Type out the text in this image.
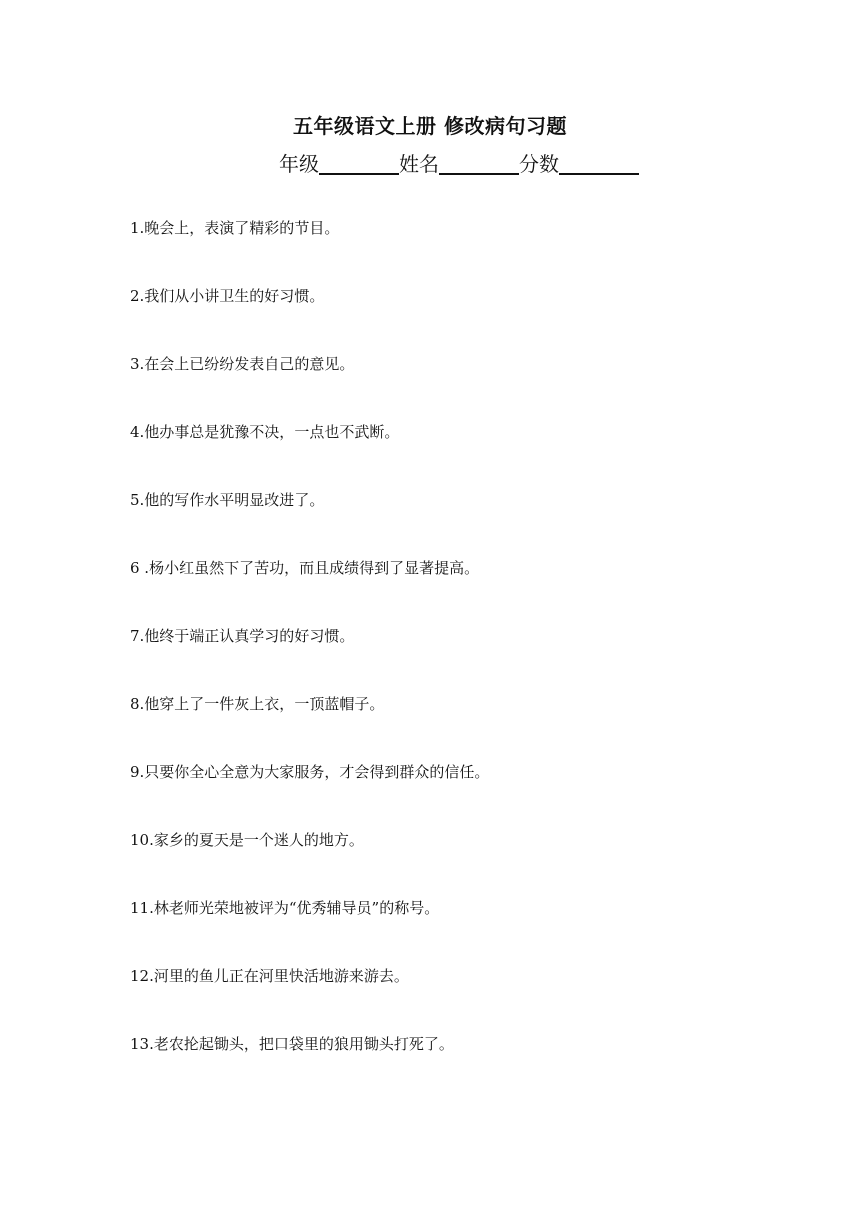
五年级语文上册 修改病句习题
年级	姓名	分数
1.晚会上，表演了精彩的节目。
2.我们从小讲卫生的好习惯。
3.在会上已纷纷发表自己的意见。
4.他办事总是犹豫不决，一点也不武断。
5.他的写作水平明显改进了。
6 .杨小红虽然下了苦功，而且成绩得到了显著提高。
7.他终于端正认真学习的好习惯。
8.他穿上了一件灰上衣，一顶蓝帽子。
9.只要你全心全意为大家服务，才会得到群众的信任。
10.家乡的夏天是一个迷人的地方。
11.林老师光荣地被评为“优秀辅导员”的称号。
12.河里的鱼儿正在河里快活地游来游去。
13.老农抡起锄头，把口袋里的狼用锄头打死了。
